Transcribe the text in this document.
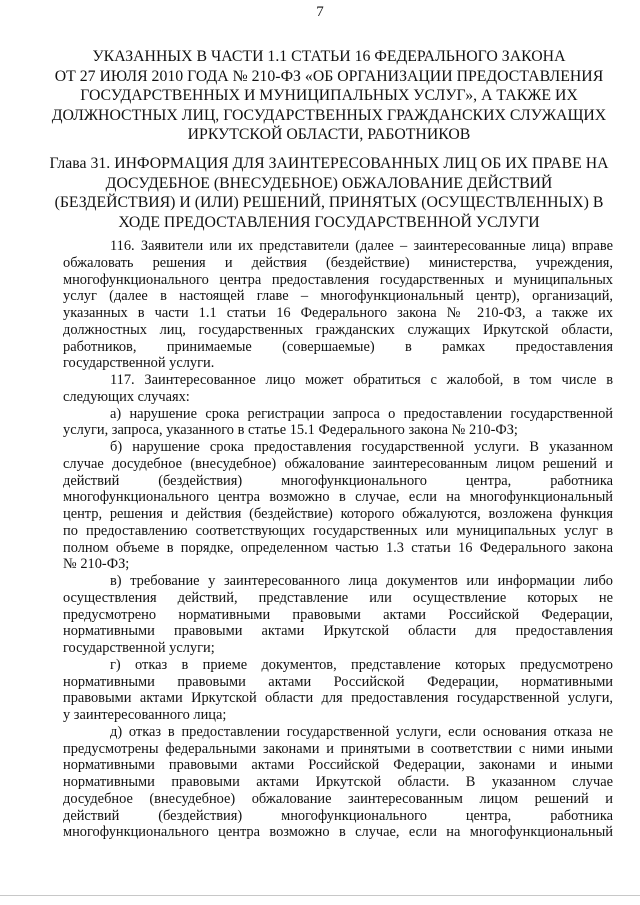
7
УКАЗАННЫХ В ЧАСТИ 1.1 СТАТЬИ 16 ФЕДЕРАЛЬНОГО ЗАКОНА
ОТ 27 ИЮЛЯ 2010 ГОДА № 210-ФЗ «ОБ ОРГАНИЗАЦИИ ПРЕДОСТАВЛЕНИЯ
ГОСУДАРСТВЕННЫХ И МУНИЦИПАЛЬНЫХ УСЛУГ», А ТАКЖЕ ИХ
ДОЛЖНОСТНЫХ ЛИЦ, ГОСУДАРСТВЕННЫХ ГРАЖДАНСКИХ СЛУЖАЩИХ
ИРКУТСКОЙ ОБЛАСТИ, РАБОТНИКОВ
Глава 31. ИНФОРМАЦИЯ ДЛЯ ЗАИНТЕРЕСОВАННЫХ ЛИЦ ОБ ИХ ПРАВЕ НА
ДОСУДЕБНОЕ (ВНЕСУДЕБНОЕ) ОБЖАЛОВАНИЕ ДЕЙСТВИЙ
(БЕЗДЕЙСТВИЯ) И (ИЛИ) РЕШЕНИЙ, ПРИНЯТЫХ (ОСУЩЕСТВЛЕННЫХ) В
ХОДЕ ПРЕДОСТАВЛЕНИЯ ГОСУДАРСТВЕННОЙ УСЛУГИ
116. Заявители или их представители (далее – заинтересованные лица) вправе
обжаловать решения и действия (бездействие) министерства, учреждения,
многофункционального центра предоставления государственных и муниципальных
услуг (далее в настоящей главе – многофункциональный центр), организаций,
указанных в части 1.1 статьи 16 Федерального закона № 210-ФЗ, а также их
должностных лиц, государственных гражданских служащих Иркутской области,
работников, принимаемые (совершаемые) в рамках предоставления
государственной услуги.
117. Заинтересованное лицо может обратиться с жалобой, в том числе в
следующих случаях:
а) нарушение срока регистрации запроса о предоставлении государственной
услуги, запроса, указанного в статье 15.1 Федерального закона № 210-ФЗ;
б) нарушение срока предоставления государственной услуги. В указанном
случае досудебное (внесудебное) обжалование заинтересованным лицом решений и
действий (бездействия) многофункционального центра, работника
многофункционального центра возможно в случае, если на многофункциональный
центр, решения и действия (бездействие) которого обжалуются, возложена функция
по предоставлению соответствующих государственных или муниципальных услуг в
полном объеме в порядке, определенном частью 1.3 статьи 16 Федерального закона
№ 210-ФЗ;
в) требование у заинтересованного лица документов или информации либо
осуществления действий, представление или осуществление которых не
предусмотрено нормативными правовыми актами Российской Федерации,
нормативными правовыми актами Иркутской области для предоставления
государственной услуги;
г) отказ в приеме документов, представление которых предусмотрено
нормативными правовыми актами Российской Федерации, нормативными
правовыми актами Иркутской области для предоставления государственной услуги,
у заинтересованного лица;
д) отказ в предоставлении государственной услуги, если основания отказа не
предусмотрены федеральными законами и принятыми в соответствии с ними иными
нормативными правовыми актами Российской Федерации, законами и иными
нормативными правовыми актами Иркутской области. В указанном случае
досудебное (внесудебное) обжалование заинтересованным лицом решений и
действий (бездействия) многофункционального центра, работника
многофункционального центра возможно в случае, если на многофункциональный
